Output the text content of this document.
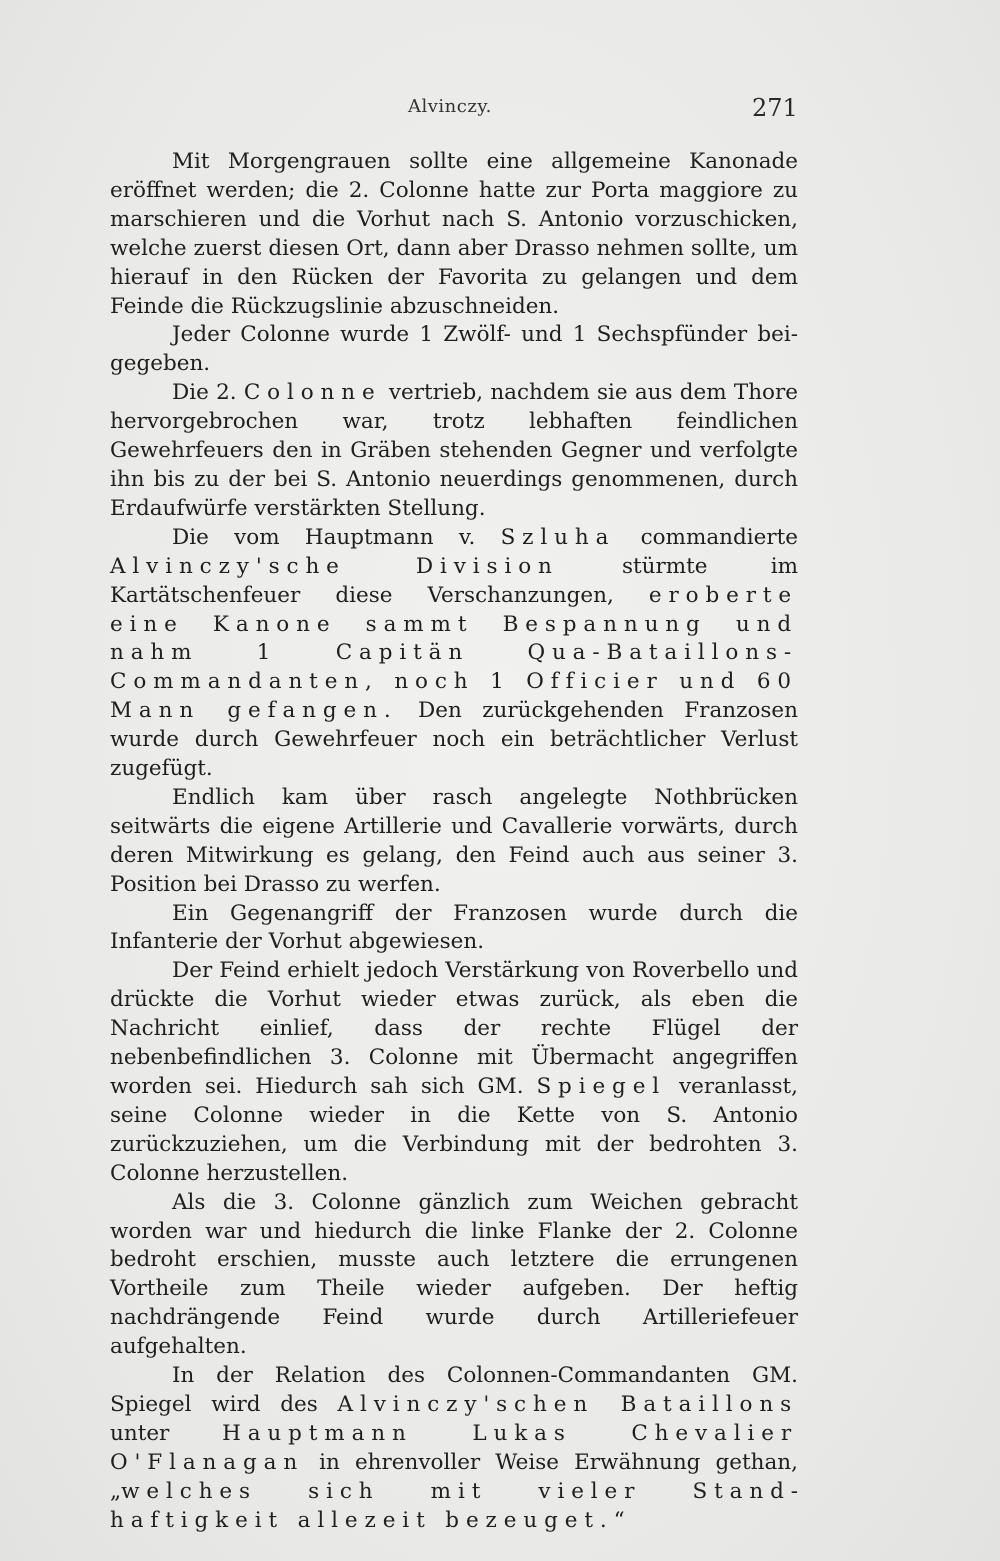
Alvinczy.	271

Mit Morgengrauen sollte eine allgemeine Kanonade eröffnet werden; die 2. Colonne hatte zur Porta maggiore zu marschieren und die Vorhut nach S. Antonio vorzuschicken, welche zuerst diesen Ort, dann aber Drasso nehmen sollte, um hierauf in den Rücken der Favorita zu gelangen und dem Feinde die Rückzugslinie abzuschneiden.

Jeder Colonne wurde 1 Zwölf- und 1 Sechspfünder beigegeben.

Die 2. Colonne vertrieb, nachdem sie aus dem Thore hervorgebrochen war, trotz lebhaften feindlichen Gewehrfeuers den in Gräben stehenden Gegner und verfolgte ihn bis zu der bei S. Antonio neuerdings genommenen, durch Erdaufwürfe verstärkten Stellung.

Die vom Hauptmann v. Szluha commandierte Alvinczy'sche Division stürmte im Kartätschenfeuer diese Verschanzungen, eroberte eine Kanone sammt Bespannung und nahm 1 Capitän Qua-Bataillons-Commandanten, noch 1 Officier und 60 Mann gefangen. Den zurückgehenden Franzosen wurde durch Gewehrfeuer noch ein beträchtlicher Verlust zugefügt.

Endlich kam über rasch angelegte Nothbrücken seitwärts die eigene Artillerie und Cavallerie vorwärts, durch deren Mitwirkung es gelang, den Feind auch aus seiner 3. Position bei Drasso zu werfen.

Ein Gegenangriff der Franzosen wurde durch die Infanterie der Vorhut abgewiesen.

Der Feind erhielt jedoch Verstärkung von Roverbello und drückte die Vorhut wieder etwas zurück, als eben die Nachricht einlief, dass der rechte Flügel der nebenbefindlichen 3. Colonne mit Übermacht angegriffen worden sei. Hiedurch sah sich GM. Spiegel veranlasst, seine Colonne wieder in die Kette von S. Antonio zurückzuziehen, um die Verbindung mit der bedrohten 3. Colonne herzustellen.

Als die 3. Colonne gänzlich zum Weichen gebracht worden war und hiedurch die linke Flanke der 2. Colonne bedroht erschien, musste auch letztere die errungenen Vortheile zum Theile wieder aufgeben. Der heftig nachdrängende Feind wurde durch Artilleriefeuer aufgehalten.

In der Relation des Colonnen-Commandanten GM. Spiegel wird des Alvinczy'schen Bataillons unter Hauptmann Lukas Chevalier O'Flanagan in ehrenvoller Weise Erwähnung gethan, „welches sich mit vieler Standhaftigkeit allezeit bezeuget.“
